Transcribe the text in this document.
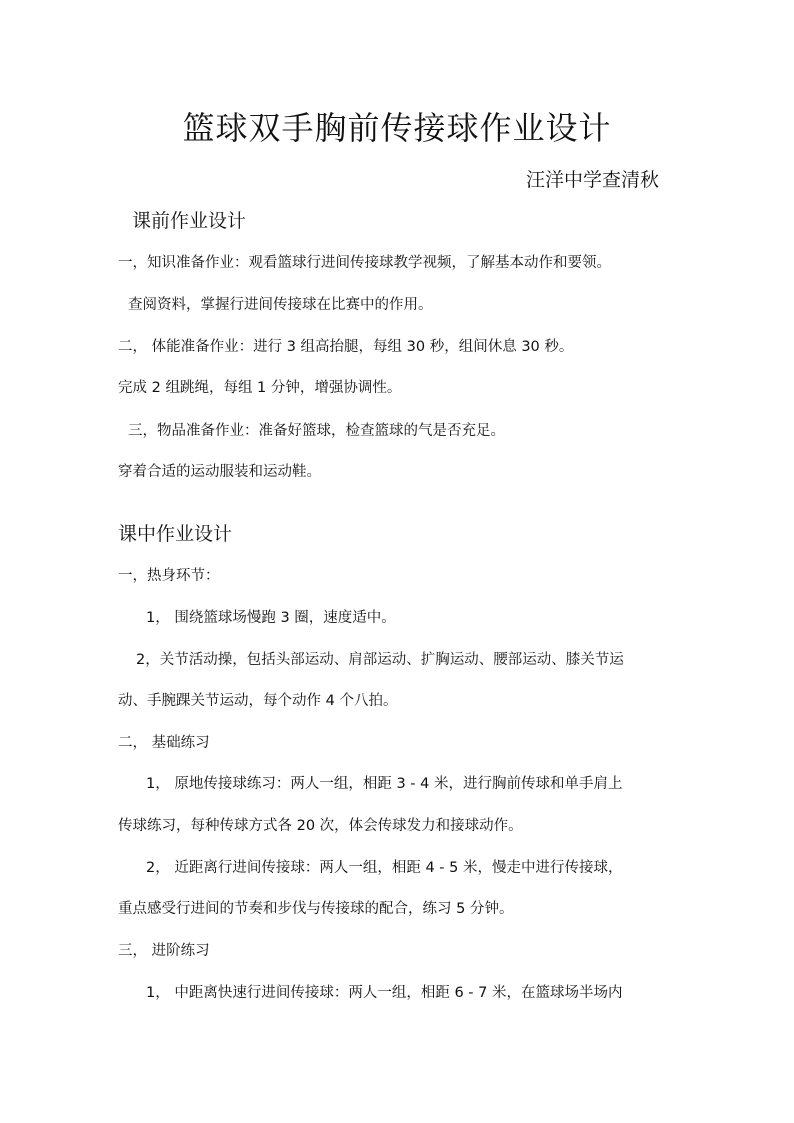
篮球双手胸前传接球作业设计
汪洋中学查清秋
课前作业设计
一，知识准备作业：观看篮球行进间传接球教学视频，了解基本动作和要领。
查阅资料，掌握行进间传接球在比赛中的作用。
二， 体能准备作业：进行 3 组高抬腿，每组 30 秒，组间休息 30 秒。
完成 2 组跳绳，每组 1 分钟，增强协调性。
三，物品准备作业：准备好篮球，检查篮球的气是否充足。
穿着合适的运动服装和运动鞋。
课中作业设计
一，热身环节：
1， 围绕篮球场慢跑 3 圈，速度适中。
2，关节活动操，包括头部运动、肩部运动、扩胸运动、腰部运动、膝关节运
动、手腕踝关节运动，每个动作 4 个八拍。
二， 基础练习
1， 原地传接球练习：两人一组，相距 3 - 4 米，进行胸前传球和单手肩上
传球练习，每种传球方式各 20 次，体会传球发力和接球动作。
2， 近距离行进间传接球：两人一组，相距 4 - 5 米，慢走中进行传接球，
重点感受行进间的节奏和步伐与传接球的配合，练习 5 分钟。
三， 进阶练习
1， 中距离快速行进间传接球：两人一组，相距 6 - 7 米，在篮球场半场内
